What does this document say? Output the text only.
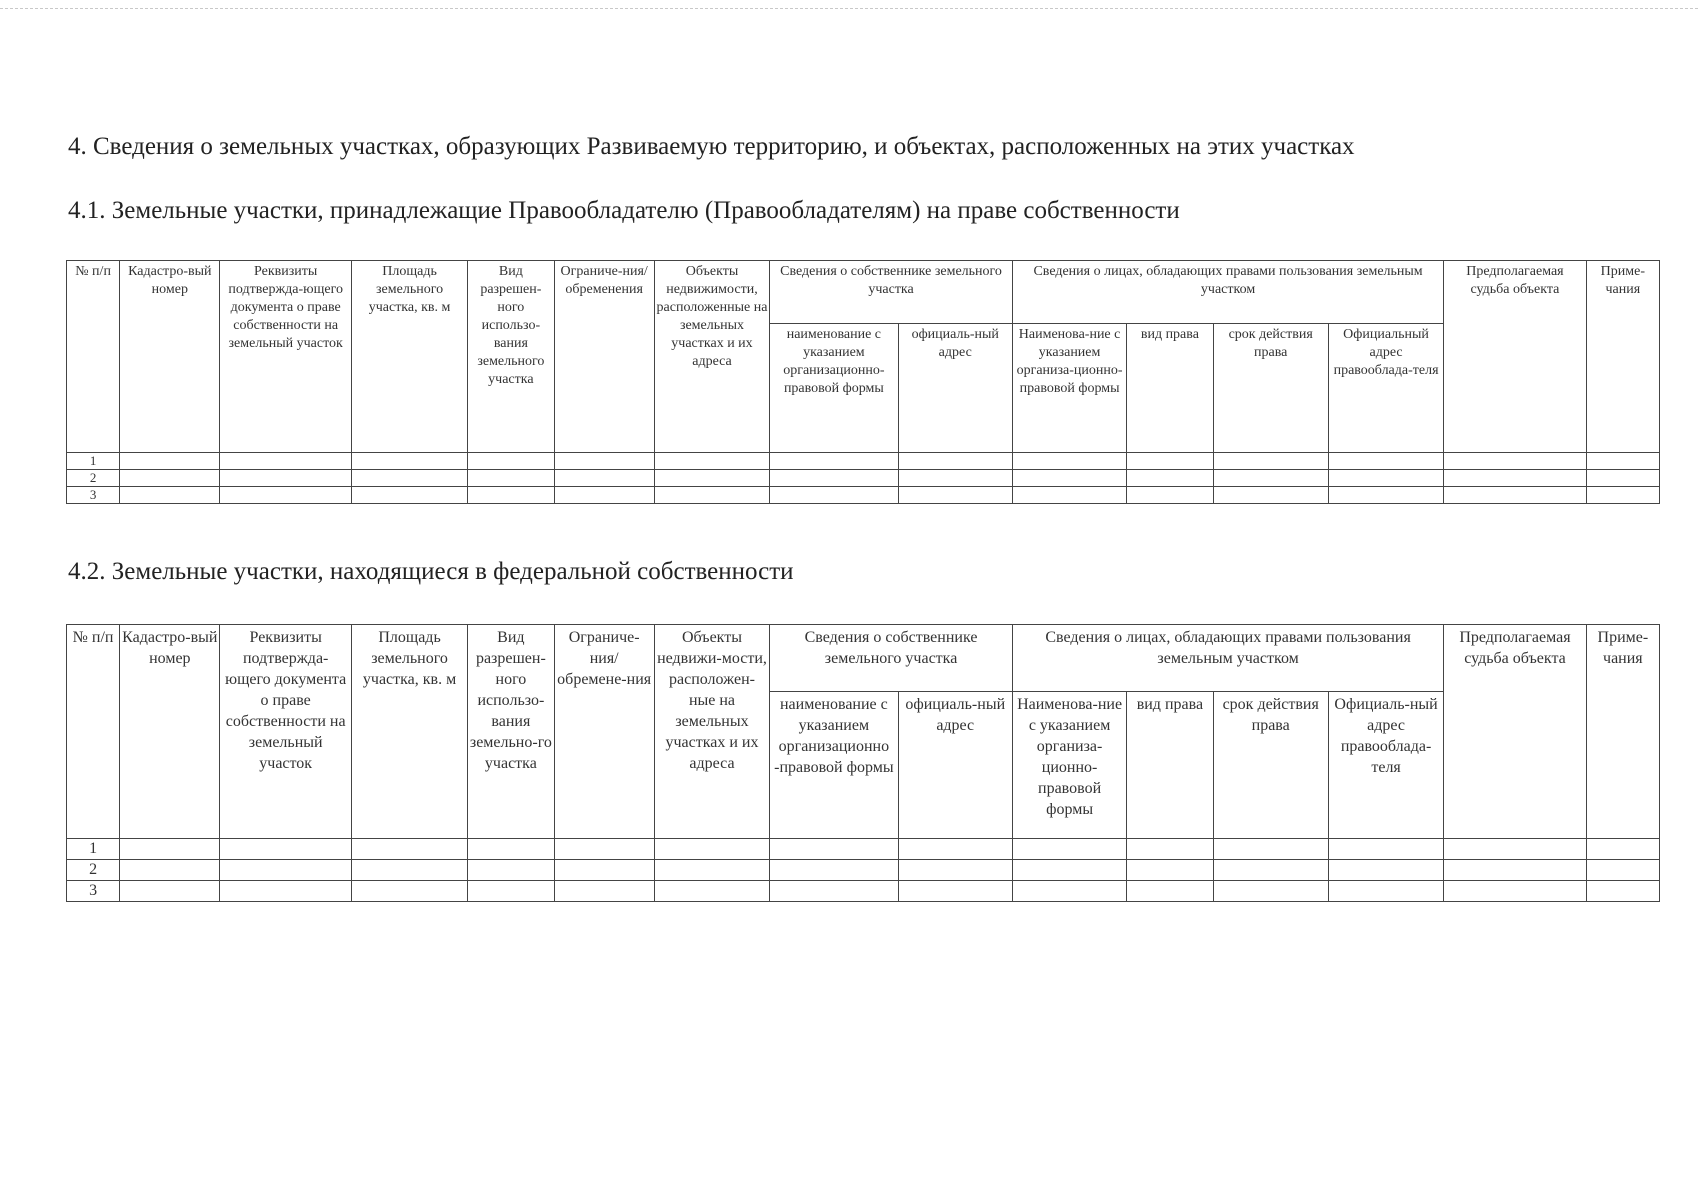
4. Сведения о земельных участках, образующих Развиваемую территорию, и объектах, расположенных на этих участках
4.1. Земельные участки, принадлежащие Правообладателю (Правообладателям) на праве собственности
№ п/п	Кадастро-вый номер	Реквизиты подтвержда-ющего документа о праве собственности на земельный участок	Площадь земельного участка, кв. м	Вид разрешен-ного использо-вания земельного участка	Ограниче-ния/ обременения	Объекты недвижимости, расположенные на земельных участках и их адреса	Сведения о собственнике земельного участка		Сведения о лицах, обладающих правами пользования земельным участком				Предполагаемая судьба объекта	Приме-чания
							наименование с указанием организационно-правовой формы	официаль-ный адрес	Наименова-ние с указанием организа-ционно-правовой формы	вид права	срок действия права	Официальный адрес правооблада-теля		
1														
2														
3														
4.2. Земельные участки, находящиеся в федеральной собственности
№ п/п	Кадастро-вый номер	Реквизиты подтвержда-ющего документа о праве собственности на земельный участок	Площадь земельного участка, кв. м	Вид разрешен-ного использо-вания земельно-го участка	Ограниче-ния/ обремене-ния	Объекты недвижи-мости, расположен-ные на земельных участках и их адреса	Сведения о собственнике земельного участка		Сведения о лицах, обладающих правами пользования земельным участком				Предполагаемая судьба объекта	Приме-чания
							наименование с указанием организационно -правовой формы	официаль-ный адрес	Наименова-ние с указанием организа-ционно-правовой формы	вид права	срок действия права	Официаль-ный адрес правооблада-теля		
1														
2														
3														
